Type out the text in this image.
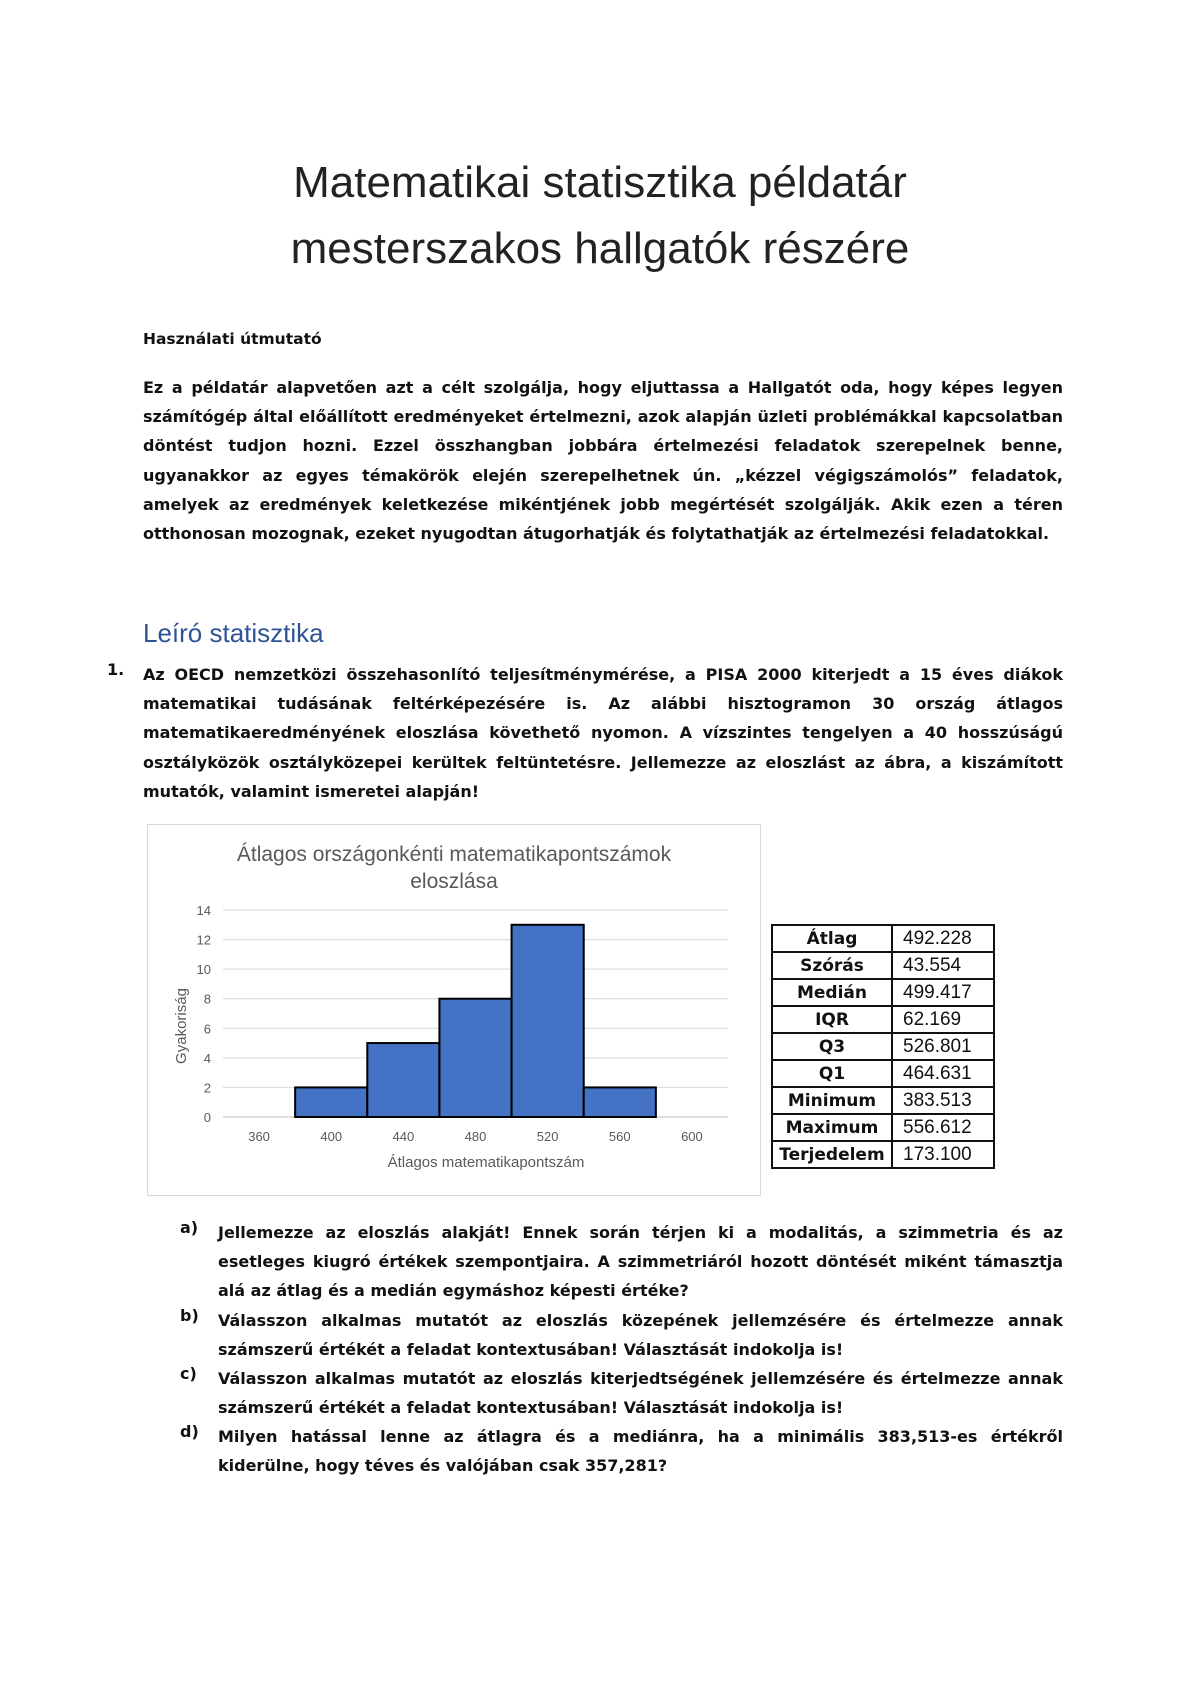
Matematikai statisztika példatár
mesterszakos hallgatók részére
Használati útmutató
Ez a példatár alapvetően azt a célt szolgálja, hogy eljuttassa a Hallgatót oda, hogy képes legyen számítógép által előállított eredményeket értelmezni, azok alapján üzleti problémákkal kapcsolatban döntést tudjon hozni. Ezzel összhangban jobbára értelmezési feladatok szerepelnek benne, ugyanakkor az egyes témakörök elején szerepelhetnek ún. „kézzel végigszámolós” feladatok, amelyek az eredmények keletkezése mikéntjének jobb megértését szolgálják. Akik ezen a téren otthonosan mozognak, ezeket nyugodtan átugorhatják és folytathatják az értelmezési feladatokkal.
Leíró statisztika
1. Az OECD nemzetközi összehasonlító teljesítménymérése, a PISA 2000 kiterjedt a 15 éves diákok matematikai tudásának feltérképezésére is. Az alábbi hisztogramon 30 ország átlagos matematikaeredményének eloszlása követhető nyomon. A vízszintes tengelyen a 40 hosszúságú osztályközök osztályközepei kerültek feltüntetésre. Jellemezze az eloszlást az ábra, a kiszámított mutatók, valamint ismeretei alapján!
Átlagos országonkénti matematikapontszámok eloszlása
0
2
4
6
8
10
12
14
360	400	440	480	520	560	600
Átlagos matematikapontszám
Gyakoriság
Átlag	492.228
Szórás	43.554
Medián	499.417
IQR	62.169
Q3	526.801
Q1	464.631
Minimum	383.513
Maximum	556.612
Terjedelem	173.100
a) Jellemezze az eloszlás alakját! Ennek során térjen ki a modalitás, a szimmetria és az esetleges kiugró értékek szempontjaira. A szimmetriáról hozott döntését miként támasztja alá az átlag és a medián egymáshoz képesti értéke?
b) Válasszon alkalmas mutatót az eloszlás közepének jellemzésére és értelmezze annak számszerű értékét a feladat kontextusában! Választását indokolja is!
c) Válasszon alkalmas mutatót az eloszlás kiterjedtségének jellemzésére és értelmezze annak számszerű értékét a feladat kontextusában! Választását indokolja is!
d) Milyen hatással lenne az átlagra és a mediánra, ha a minimális 383,513-es értékről kiderülne, hogy téves és valójában csak 357,281?
